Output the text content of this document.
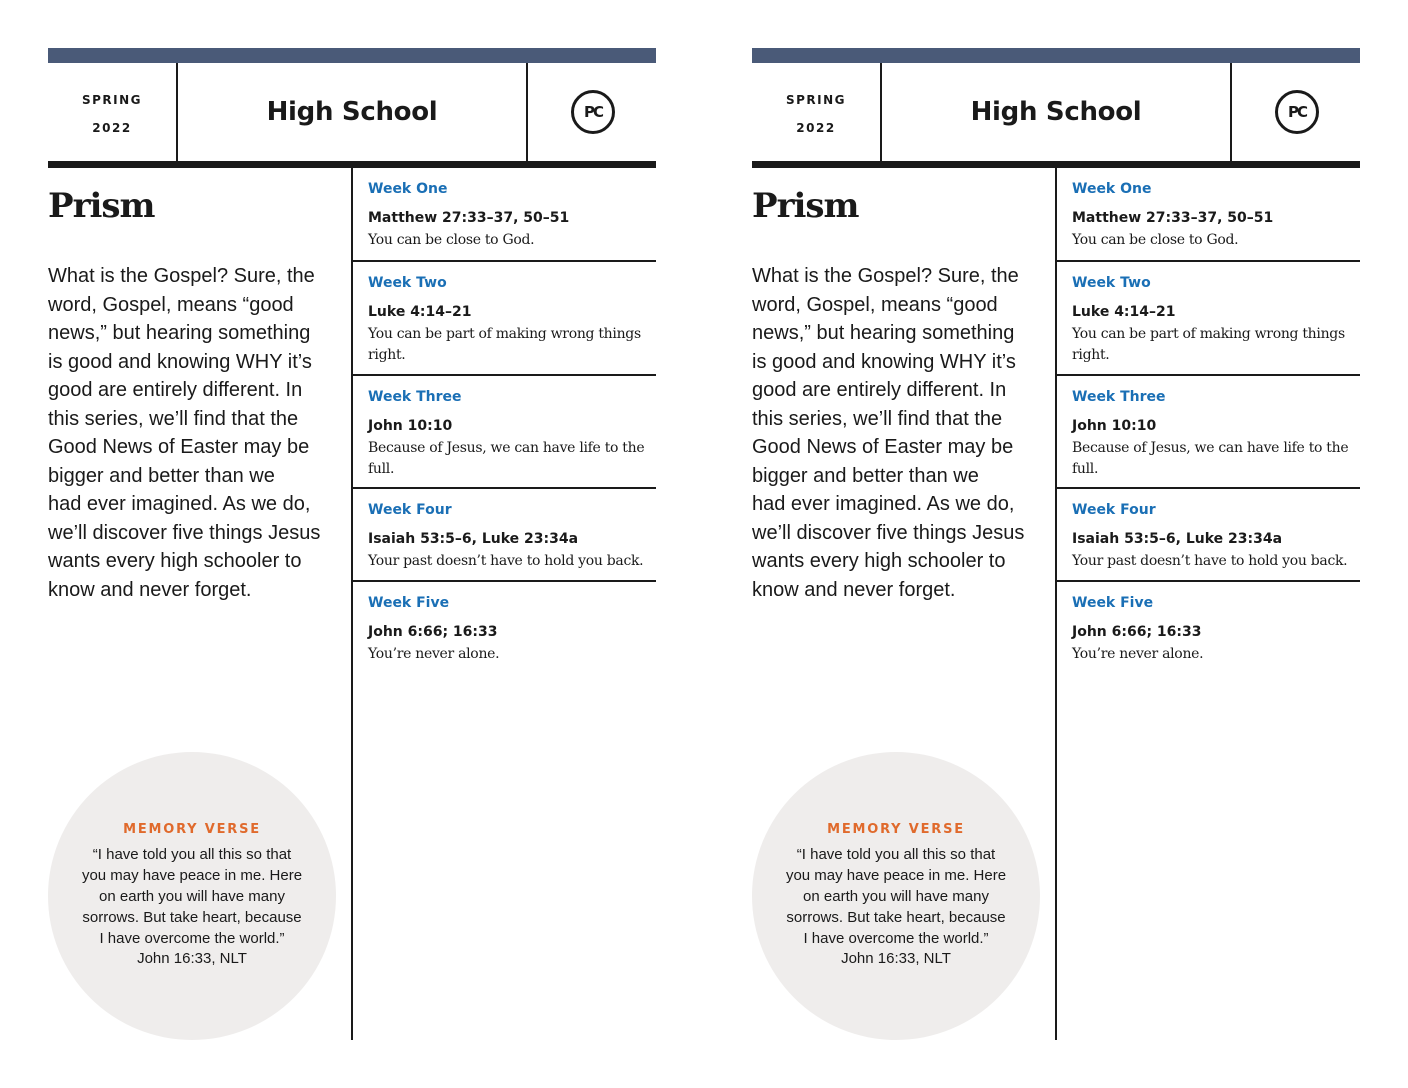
SPRING
2022
High School	PC
Prism
What is the Gospel? Sure, the
word, Gospel, means “good
news,” but hearing something
is good and knowing WHY it’s
good are entirely different. In
this series, we’ll find that the
Good News of Easter may be
bigger and better than we
had ever imagined. As we do,
we’ll discover five things Jesus
wants every high schooler to
know and never forget.
MEMORY VERSE
“I have told you all this so that
you may have peace in me. Here
on earth you will have many
sorrows. But take heart, because
I have overcome the world.”
John 16:33, NLT
Week One
Matthew 27:33–37, 50–51
You can be close to God.
Week Two
Luke 4:14–21
You can be part of making wrong things
right.
Week Three
John 10:10
Because of Jesus, we can have life to the
full.
Week Four
Isaiah 53:5–6, Luke 23:34a
Your past doesn’t have to hold you back.
Week Five
John 6:66; 16:33
You’re never alone.
SPRING
2022
High School	PC
Prism
What is the Gospel? Sure, the
word, Gospel, means “good
news,” but hearing something
is good and knowing WHY it’s
good are entirely different. In
this series, we’ll find that the
Good News of Easter may be
bigger and better than we
had ever imagined. As we do,
we’ll discover five things Jesus
wants every high schooler to
know and never forget.
MEMORY VERSE
“I have told you all this so that
you may have peace in me. Here
on earth you will have many
sorrows. But take heart, because
I have overcome the world.”
John 16:33, NLT
Week One
Matthew 27:33–37, 50–51
You can be close to God.
Week Two
Luke 4:14–21
You can be part of making wrong things
right.
Week Three
John 10:10
Because of Jesus, we can have life to the
full.
Week Four
Isaiah 53:5–6, Luke 23:34a
Your past doesn’t have to hold you back.
Week Five
John 6:66; 16:33
You’re never alone.
